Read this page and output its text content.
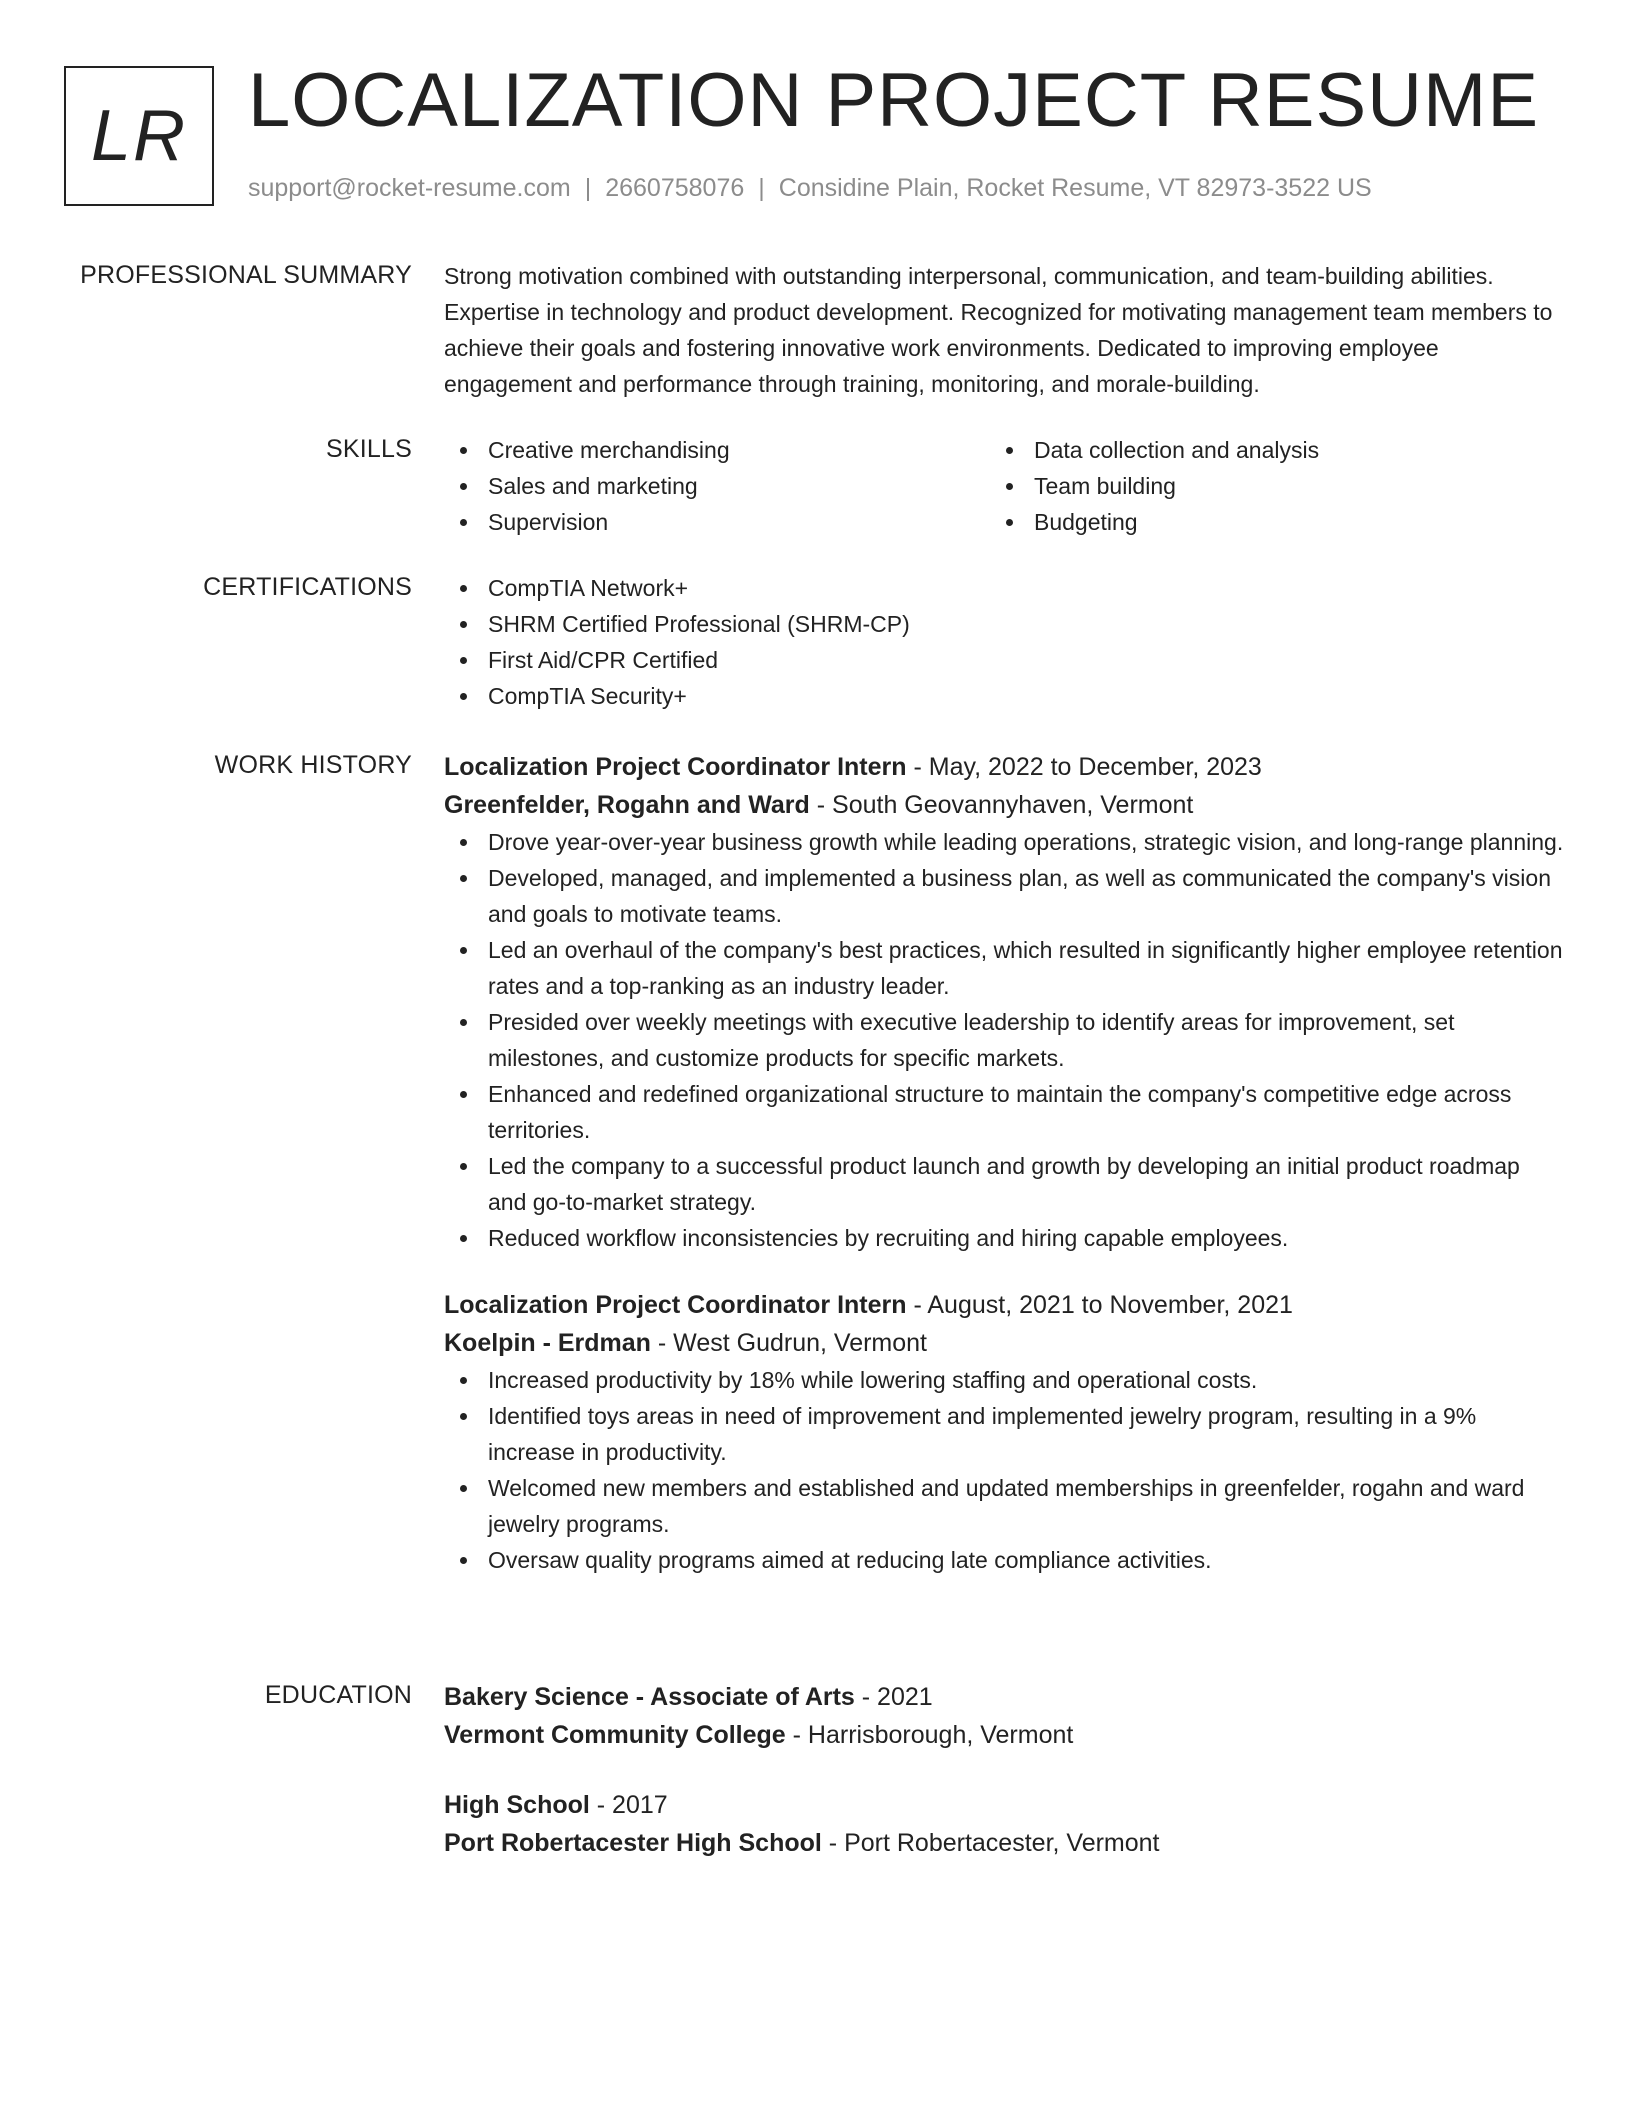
LR LOCALIZATION PROJECT RESUME
support@rocket-resume.com | 2660758076 | Considine Plain, Rocket Resume, VT 82973-3522 US
PROFESSIONAL SUMMARY Strong motivation combined with outstanding interpersonal, communication, and team-building abilities. Expertise in technology and product development. Recognized for motivating management team members to achieve their goals and fostering innovative work environments. Dedicated to improving employee engagement and performance through training, monitoring, and morale-building.

SKILLS	Creative merchandising
Sales and marketing
Supervision
Data collection and analysis
Team building
Budgeting
CERTIFICATIONS	CompTIA Network+
SHRM Certified Professional (SHRM-CP)
First Aid/CPR Certified
CompTIA Security+
WORK HISTORY Localization Project Coordinator Intern - May, 2022 to December, 2023
Greenfelder, Rogahn and Ward - South Geovannyhaven, Vermont
Drove year-over-year business growth while leading operations, strategic vision, and long-range planning.
Developed, managed, and implemented a business plan, as well as communicated the company's vision and goals to motivate teams.
Led an overhaul of the company's best practices, which resulted in significantly higher employee retention rates and a top-ranking as an industry leader.
Presided over weekly meetings with executive leadership to identify areas for improvement, set milestones, and customize products for specific markets.
Enhanced and redefined organizational structure to maintain the company's competitive edge across territories.
Led the company to a successful product launch and growth by developing an initial product roadmap and go-to-market strategy.
Reduced workflow inconsistencies by recruiting and hiring capable employees.
Localization Project Coordinator Intern - August, 2021 to November, 2021
Koelpin - Erdman - West Gudrun, Vermont
Increased productivity by 18% while lowering staffing and operational costs.
Identified toys areas in need of improvement and implemented jewelry program, resulting in a 9% increase in productivity.
Welcomed new members and established and updated memberships in greenfelder, rogahn and ward jewelry programs.
Oversaw quality programs aimed at reducing late compliance activities.
EDUCATION Bakery Science - Associate of Arts - 2021
Vermont Community College - Harrisborough, Vermont
High School - 2017
Port Robertacester High School - Port Robertacester, Vermont
